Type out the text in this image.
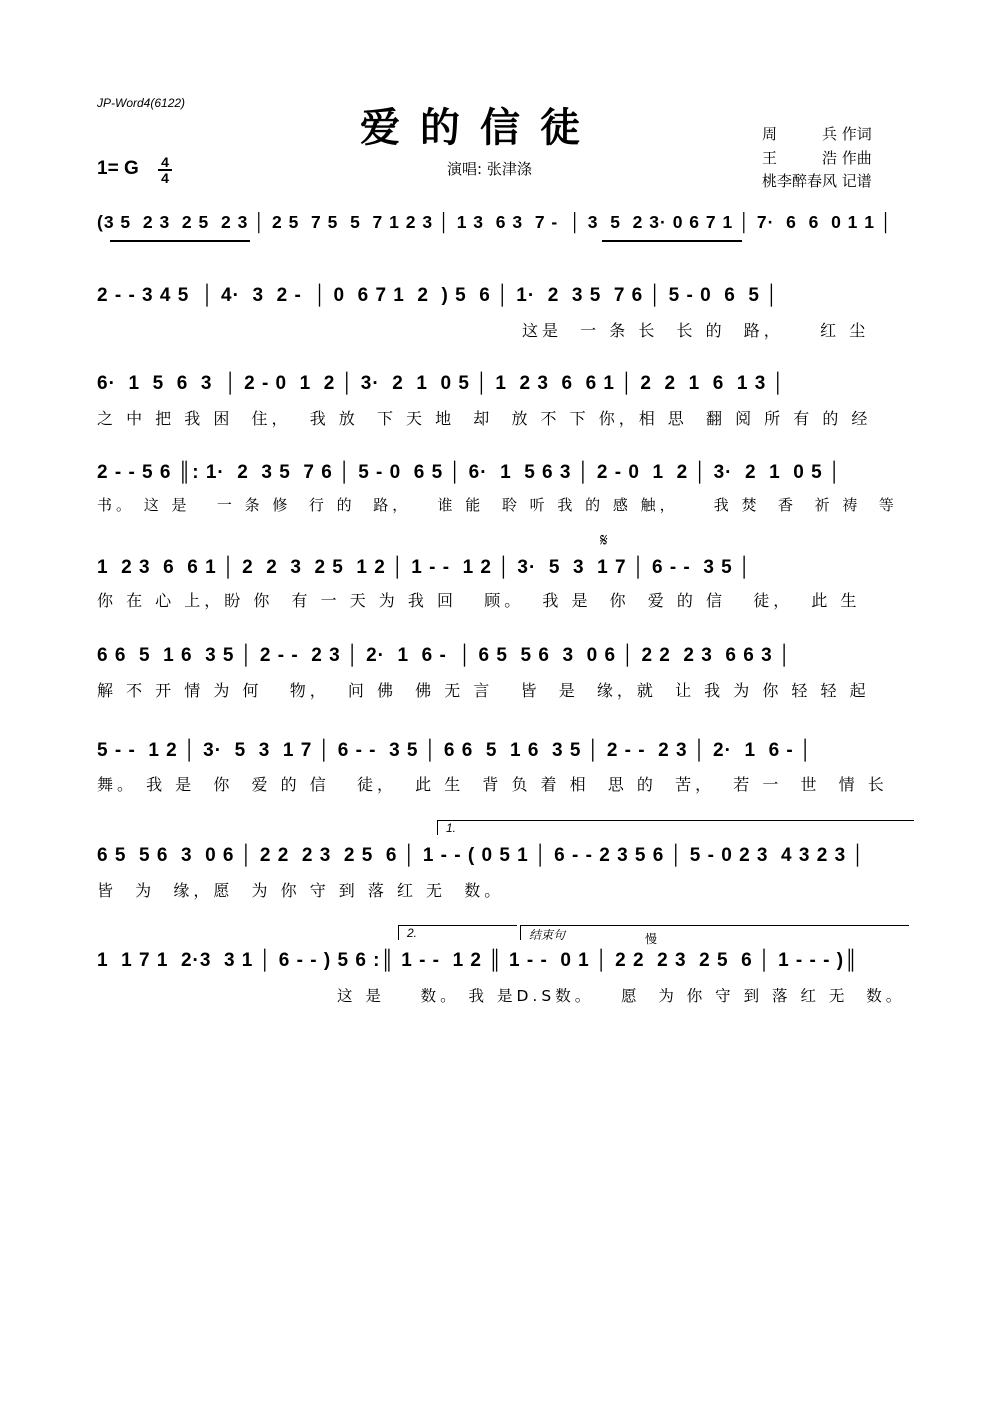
JP-Word4(6122)
爱的信徒	周　　　兵 作词
王　　　浩 作曲
桃李醉春风 记谱
演唱: 张津涤
1= G 4
4
(3 5  2 3  2 5  2 3 │ 2 5  7 5  5  7 1 2 3 │ 1 3  6 3  7 -  │ 3  5  2 3· 0 6 7 1 │ 7·  6  6  0 1 1 │
2 - - 3 4 5  │ 4·  3  2 -  │ 0  6 7 1  2  ) 5  6 │ 1·  2  3 5  7 6 │ 5 - 0  6  5 │
这是  一 条 长  长 的  路，    红 尘
6·  1  5  6  3  │ 2 - 0  1  2 │ 3·  2  1  0 5 │ 1  2 3  6  6 1 │ 2  2  1  6  1 3 │
之 中 把 我 困  住，  我 放  下 天 地  却  放 不 下 你，相 思  翻 阅 所 有 的 经
2 - - 5 6 ║: 1·  2  3 5  7 6 │ 5 - 0  6 5 │ 6·  1  5 6 3 │ 2 - 0  1  2 │ 3·  2  1  0 5 │
书。 这 是   一 条 修  行 的  路，   谁 能  聆 听 我 的 感 触，    我 焚  香  祈 祷  等
𝄋
1  2 3  6  6 1 │ 2  2  3  2 5  1 2 │ 1 - -  1 2 │ 3·  5  3  1 7 │ 6 - -  3 5 │
你 在 心 上，盼 你  有 一 天 为 我 回   顾。  我 是  你  爱 的 信   徒，  此 生
6 6  5  1 6  3 5 │ 2 - -  2 3 │ 2·  1  6 -  │ 6 5  5 6  3  0 6 │ 2 2  2 3  6 6 3 │
解 不 开 情 为 何   物，  问 佛  佛 无 言   皆  是  缘，就  让 我 为 你 轻 轻 起
5 - -  1 2 │ 3·  5  3  1 7 │ 6 - -  3 5 │ 6 6  5  1 6  3 5 │ 2 - -  2 3 │ 2·  1  6 - │
舞。 我 是  你  爱 的 信   徒，  此 生  背 负 着 相  思 的  苦，  若 一  世  情 长
1.
6 5  5 6  3  0 6 │ 2 2  2 3  2 5  6 │ 1 - - ( 0 5 1 │ 6 - - 2 3 5 6 │ 5 - 0 2 3  4 3 2 3 │
皆  为  缘，愿  为 你 守 到 落 红 无  数。
2.	结束句	慢
1  1 7 1  2·3  3 1 │ 6 - - ) 5 6 :║ 1 - -  1 2 ║ 1 - -  0 1 │ 2 2  2 3  2 5  6 │ 1 - - - )║
这 是    数。 我 是D.S数。   愿  为 你 守 到 落 红 无  数。
